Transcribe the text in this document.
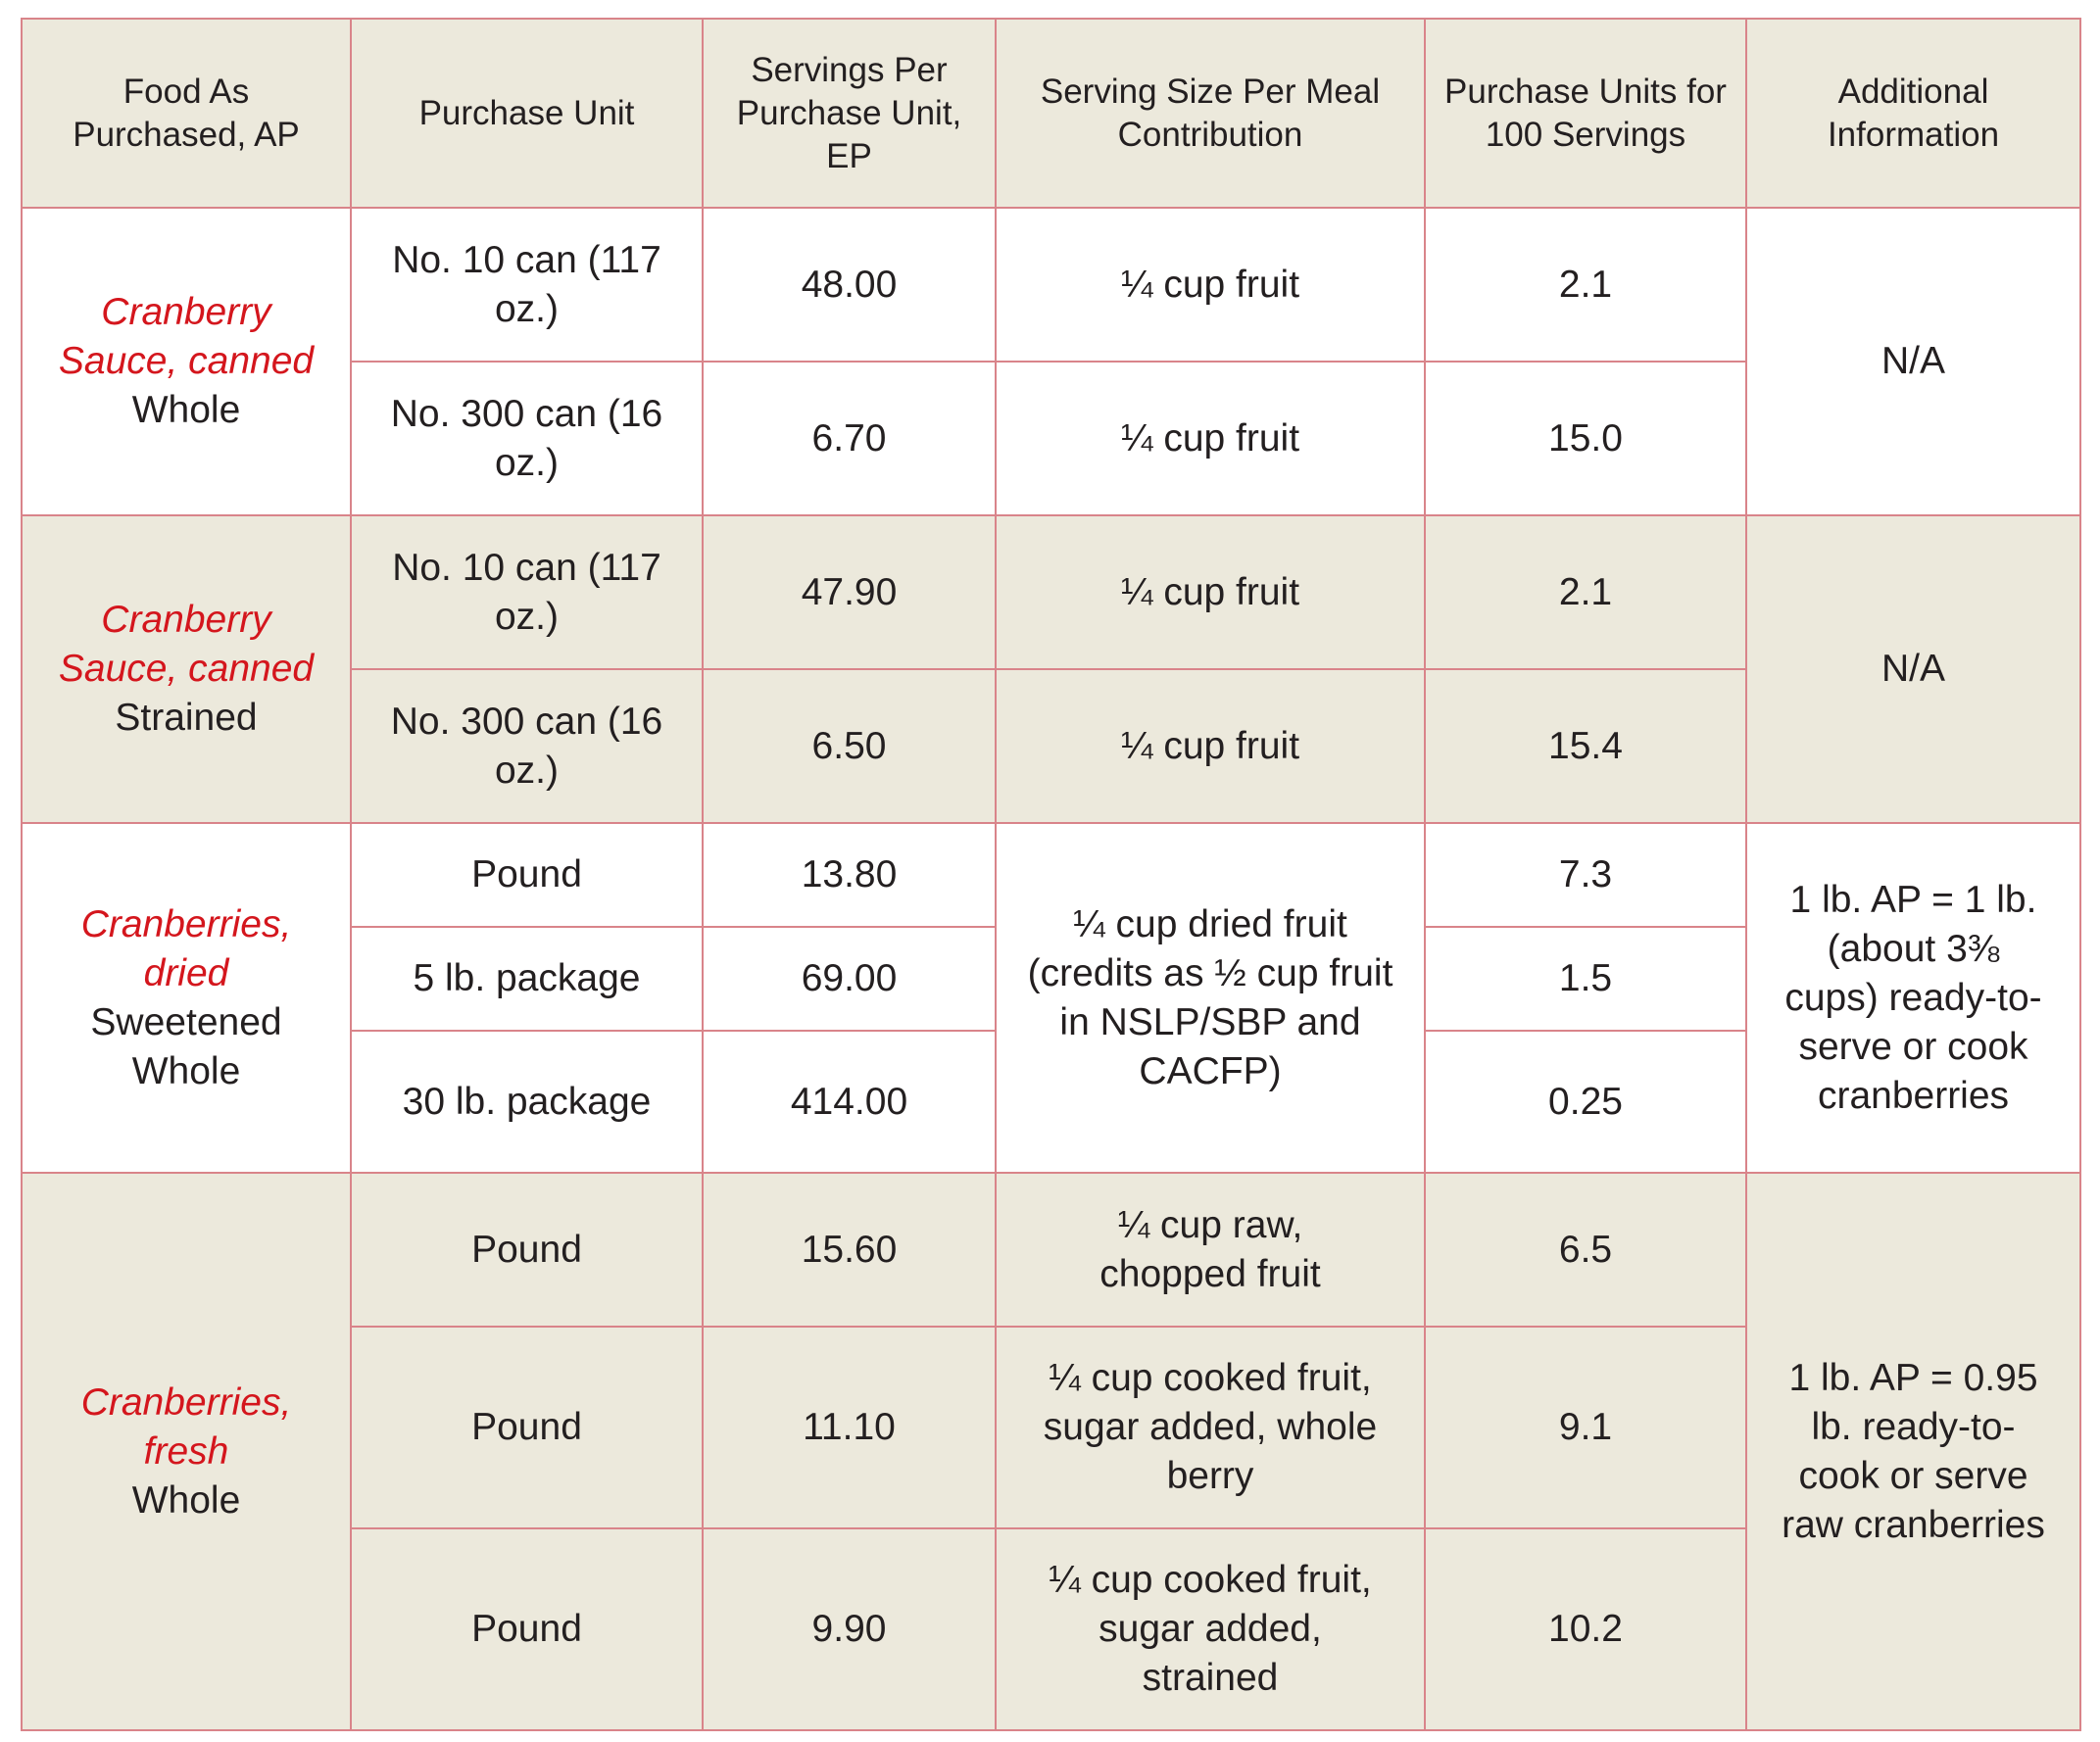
Food As Purchased, AP	Purchase Unit	Servings Per Purchase Unit, EP	Serving Size Per Meal Contribution	Purchase Units for 100 Servings	Additional Information

Cranberry
Sauce, canned
Whole	No. 10 can (117 oz.)	48.00	¼ cup fruit	2.1	N/A
	No. 300 can (16 oz.)	6.70	¼ cup fruit	15.0	

Cranberry
Sauce, canned
Strained	No. 10 can (117 oz.)	47.90	¼ cup fruit	2.1	N/A
	No. 300 can (16 oz.)	6.50	¼ cup fruit	15.4	

Cranberries,
dried
Sweetened
Whole	Pound	13.80	¼ cup dried fruit (credits as ½ cup fruit in NSLP/SBP and CACFP)	7.3	1 lb. AP = 1 lb. (about 3⅜ cups) ready-to-serve or cook cranberries
	5 lb. package	69.00		1.5	
	30 lb. package	414.00		0.25	

Cranberries,
fresh
Whole	Pound	15.60	¼ cup raw, chopped fruit	6.5	1 lb. AP = 0.95 lb. ready-to-cook or serve raw cranberries
	Pound	11.10	¼ cup cooked fruit, sugar added, whole berry	9.1	
	Pound	9.90	¼ cup cooked fruit, sugar added, strained	10.2	
